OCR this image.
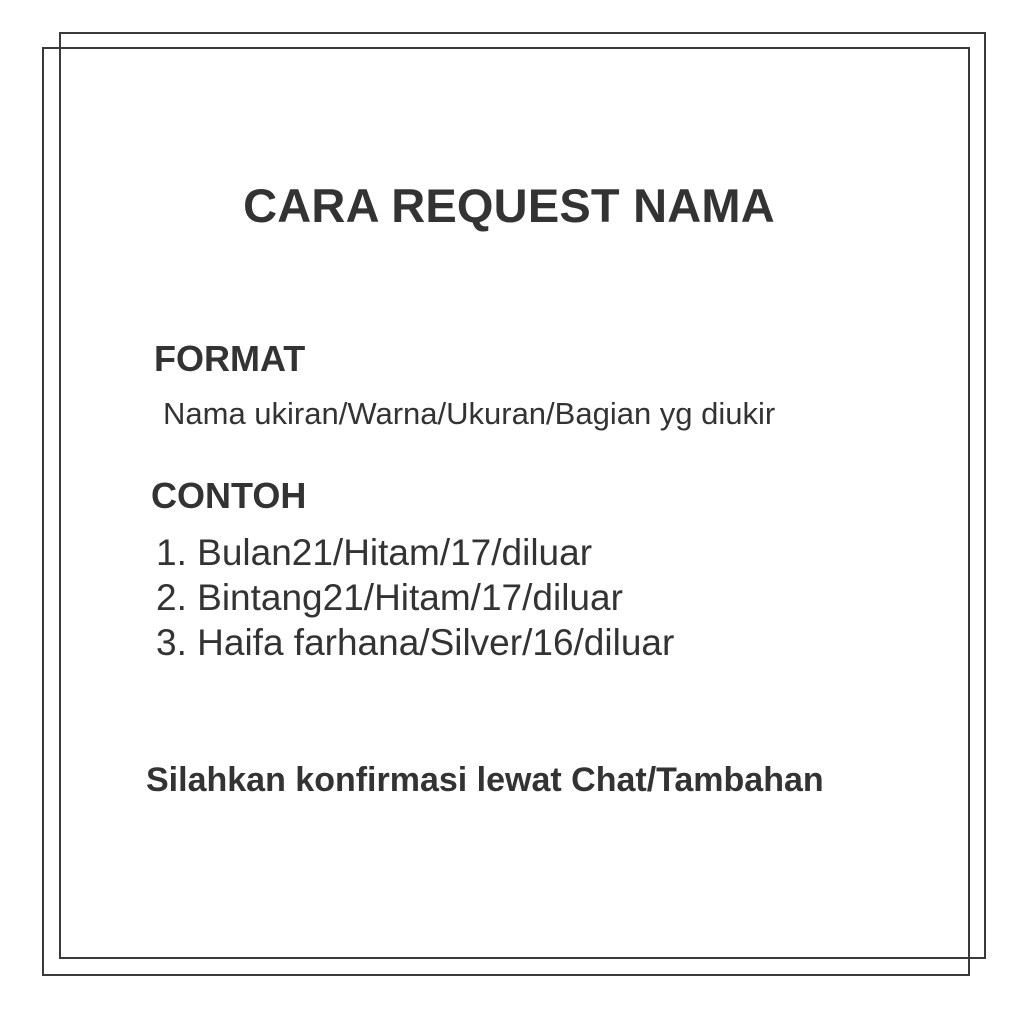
CARA REQUEST NAMA
FORMAT
Nama ukiran/Warna/Ukuran/Bagian yg diukir
CONTOH
1. Bulan21/Hitam/17/diluar
2. Bintang21/Hitam/17/diluar
3. Haifa farhana/Silver/16/diluar
Silahkan konfirmasi lewat Chat/Tambahan
